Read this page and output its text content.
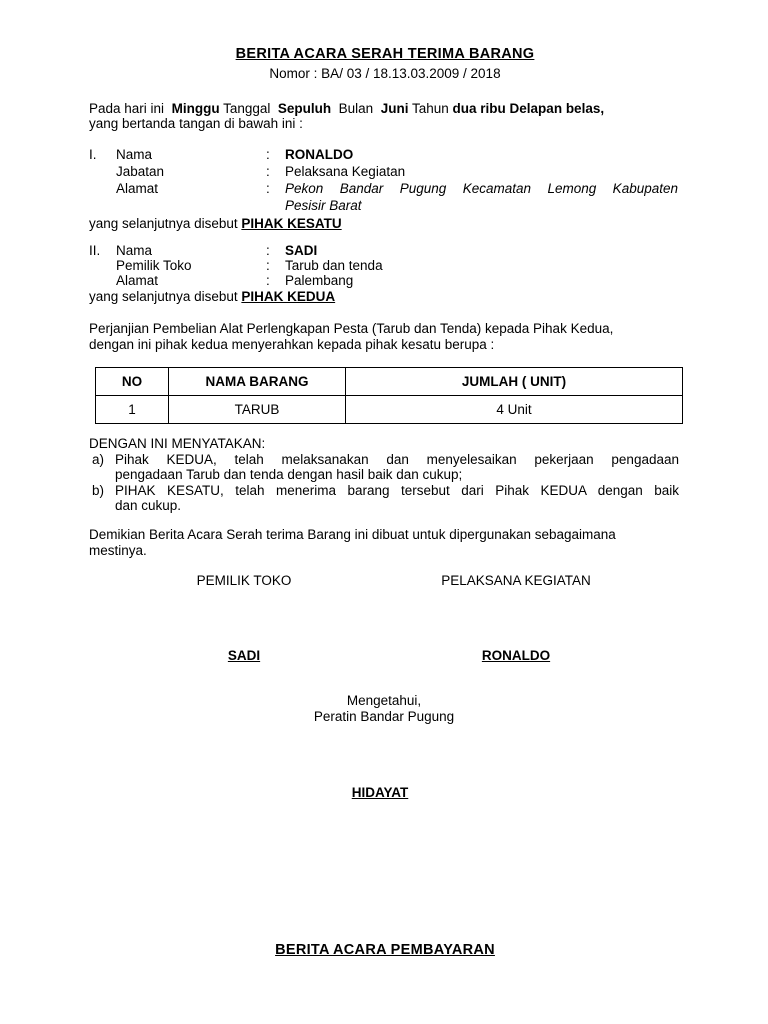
BERITA ACARA SERAH TERIMA BARANG
Nomor : BA/ 03 / 18.13.03.2009 / 2018
Pada hari ini Minggu Tanggal Sepuluh Bulan Juni Tahun dua ribu Delapan belas,
yang bertanda tangan di bawah ini :
I. Nama	: RONALDO
Jabatan	: Pelaksana Kegiatan
Alamat	: Pekon Bandar Pugung Kecamatan Lemong Kabupaten
Pesisir Barat
yang selanjutnya disebut PIHAK KESATU
II. Nama	: SADI
Pemilik Toko	: Tarub dan tenda
Alamat	: Palembang
yang selanjutnya disebut PIHAK KEDUA
Perjanjian Pembelian Alat Perlengkapan Pesta (Tarub dan Tenda) kepada Pihak Kedua,
dengan ini pihak kedua menyerahkan kepada pihak kesatu berupa :
NO	NAMA BARANG	JUMLAH ( UNIT)
1	TARUB	4 Unit
DENGAN INI MENYATAKAN:
a) Pihak KEDUA, telah melaksanakan dan menyelesaikan pekerjaan pengadaan
pengadaan Tarub dan tenda dengan hasil baik dan cukup;
b) PIHAK KESATU, telah menerima barang tersebut dari Pihak KEDUA dengan baik
dan cukup.
Demikian Berita Acara Serah terima Barang ini dibuat untuk dipergunakan sebagaimana
mestinya.
PEMILIK TOKO	PELAKSANA KEGIATAN
SADI	RONALDO
Mengetahui,
Peratin Bandar Pugung
HIDAYAT
BERITA ACARA PEMBAYARAN
